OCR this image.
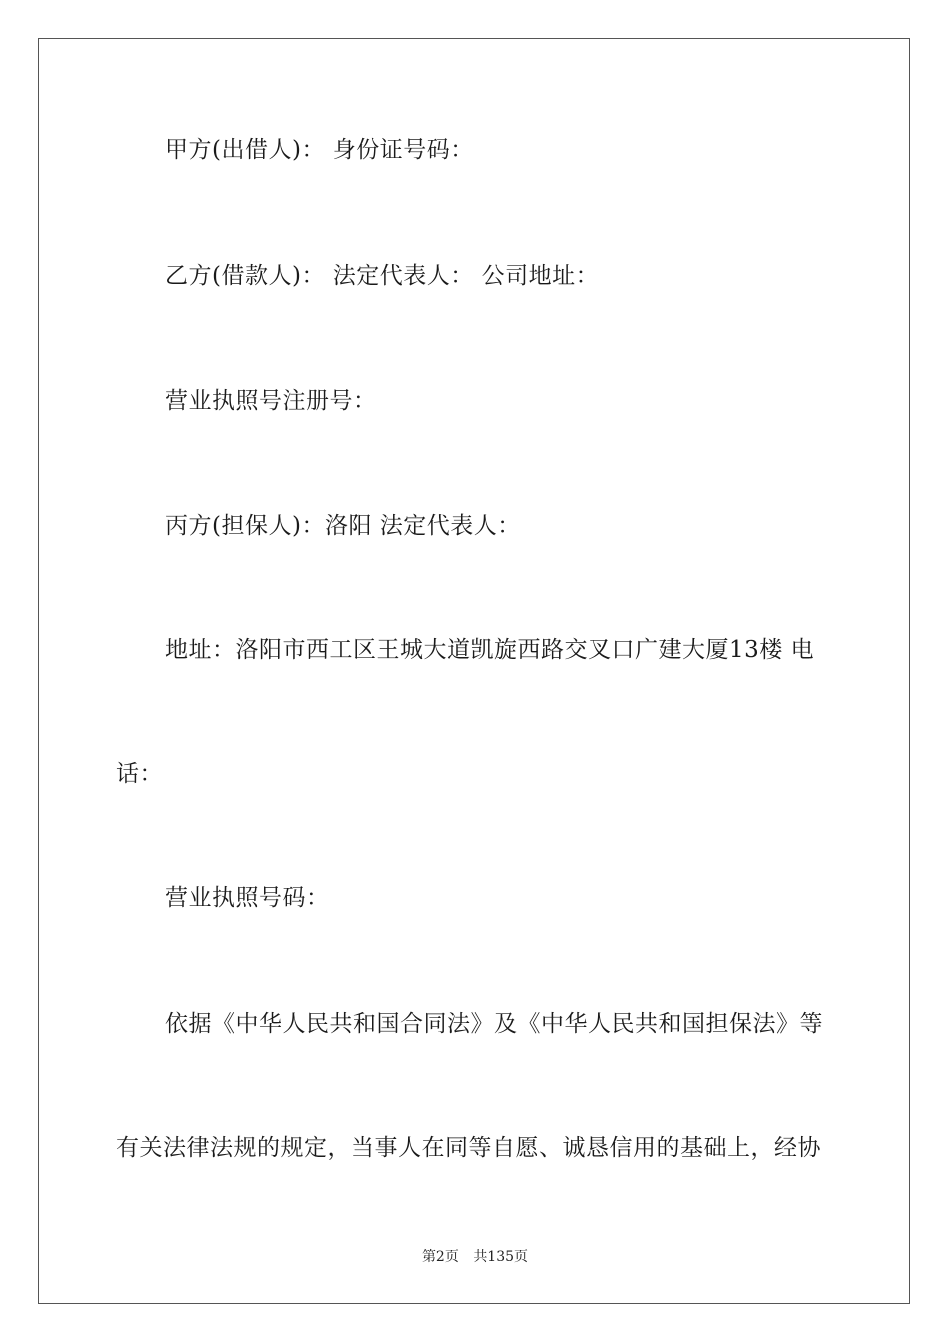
甲方(出借人)： 身份证号码：
乙方(借款人)： 法定代表人： 公司地址：
营业执照号注册号：
丙方(担保人)：洛阳 法定代表人：
地址：洛阳市西工区王城大道凯旋西路交叉口广建大厦13楼 电
话：
营业执照号码：
依据《中华人民共和国合同法》及《中华人民共和国担保法》等
有关法律法规的规定，当事人在同等自愿、诚恳信用的基础上，经协
第2页 共135页
